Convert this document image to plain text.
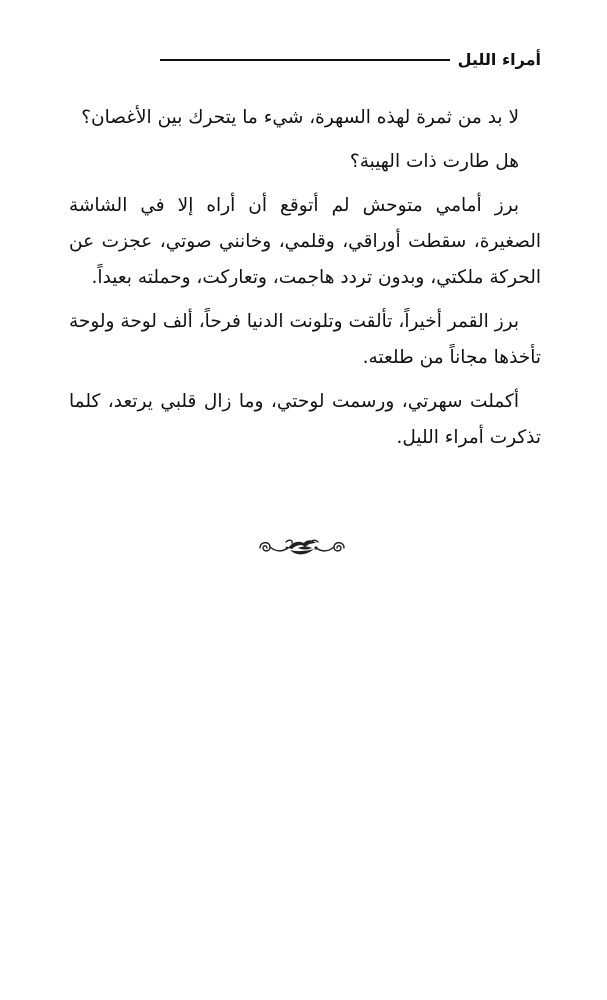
أمراء الليل

لا بد من ثمرة لهذه السهرة، شيء ما يتحرك بين الأغصان؟

هل طارت ذات الهيبة؟

برز أمامي متوحش لم أتوقع أن أراه إلا في الشاشة الصغيرة، سقطت أوراقي، وقلمي، وخانني صوتي، عجزت عن الحركة ملكتي، وبدون تردد هاجمت، وتعاركت، وحملته بعيداً.

برز القمر أخيراً، تألقت وتلونت الدنيا فرحاً، ألف لوحة ولوحة تأخذها مجاناً من طلعته.

أكملت سهرتي، ورسمت لوحتي، وما زال قلبي يرتعد، كلما تذكرت أمراء الليل.
